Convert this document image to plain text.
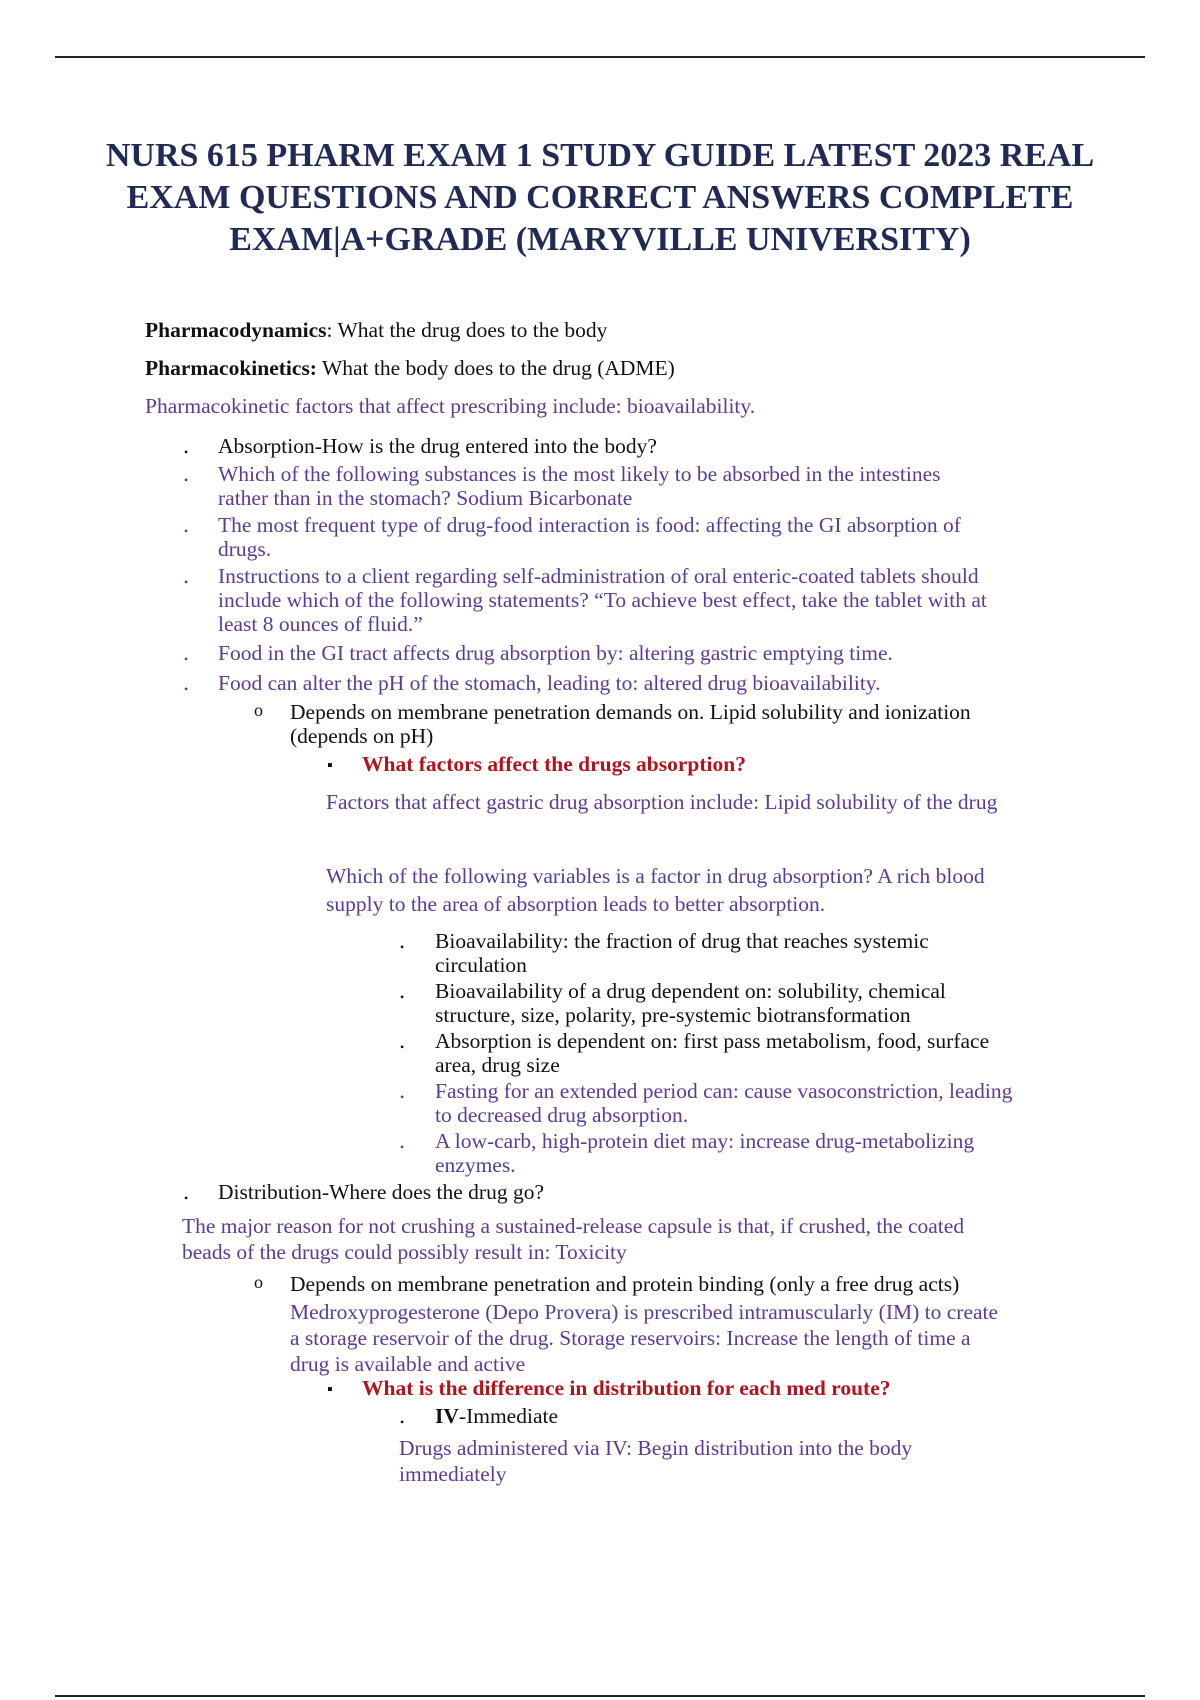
NURS 615 PHARM EXAM 1 STUDY GUIDE LATEST 2023 REAL
EXAM QUESTIONS AND CORRECT ANSWERS COMPLETE
EXAM|A+GRADE (MARYVILLE UNIVERSITY)
Pharmacodynamics: What the drug does to the body
Pharmacokinetics: What the body does to the drug (ADME)
Pharmacokinetic factors that affect prescribing include: bioavailability.
• Absorption-How is the drug entered into the body?
• Which of the following substances is the most likely to be absorbed in the intestines
rather than in the stomach? Sodium Bicarbonate
• The most frequent type of drug-food interaction is food: affecting the GI absorption of
drugs.
• Instructions to a client regarding self-administration of oral enteric-coated tablets should
include which of the following statements? “To achieve best effect, take the tablet with at
least 8 ounces of fluid.”
• Food in the GI tract affects drug absorption by: altering gastric emptying time.
• Food can alter the pH of the stomach, leading to: altered drug bioavailability.
o Depends on membrane penetration demands on. Lipid solubility and ionization
(depends on pH)
▪ What factors affect the drugs absorption?
Factors that affect gastric drug absorption include: Lipid solubility of the drug
Which of the following variables is a factor in drug absorption? A rich blood
supply to the area of absorption leads to better absorption.
• Bioavailability: the fraction of drug that reaches systemic
circulation
• Bioavailability of a drug dependent on: solubility, chemical
structure, size, polarity, pre-systemic biotransformation
• Absorption is dependent on: first pass metabolism, food, surface
area, drug size
• Fasting for an extended period can: cause vasoconstriction, leading
to decreased drug absorption.
• A low-carb, high-protein diet may: increase drug-metabolizing
enzymes.
• Distribution-Where does the drug go?
The major reason for not crushing a sustained-release capsule is that, if crushed, the coated
beads of the drugs could possibly result in: Toxicity
o Depends on membrane penetration and protein binding (only a free drug acts)
Medroxyprogesterone (Depo Provera) is prescribed intramuscularly (IM) to create
a storage reservoir of the drug. Storage reservoirs: Increase the length of time a
drug is available and active
▪ What is the difference in distribution for each med route?
• IV-Immediate
Drugs administered via IV: Begin distribution into the body
immediately
